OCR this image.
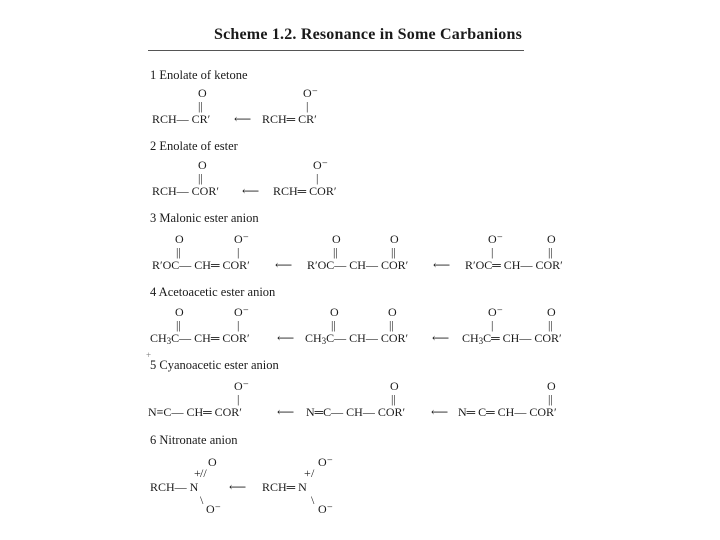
Scheme 1.2. Resonance in Some Carbanions
1 Enolate of ketone
O
||
RCH— CR′ ⟵
O⁻
|
RCH═ CR′
2 Enolate of ester
O
||
RCH— COR′ ⟵
O⁻
|
RCH═ COR′
3 Malonic ester anion
O
||
O⁻
|
R′OC— CH═ COR′ ⟵
O
||
O
||
R′OC— CH— COR′ ⟵
O⁻
|
O
||
R′OC═ CH— COR′
4 Acetoacetic ester anion
O
||
O⁻
|
$CH_3C—$ CH═ COR′ ⟵
O
||
O
||
$CH_3C—$ CH— COR′ ⟵
O⁻
|
O
||
$CH_3C═$ CH— COR′
+
5 Cyanoacetic ester anion
O⁻
|
N≡C— CH═ COR′	⟵
O
||
N═C— CH— COR′ ⟵
O
||
N═ C═ CH— COR′
6 Nitronate anion
O
+ //
RCH— N
\
O⁻
⟵
O⁻
+ /
RCH═ N
\
O⁻
